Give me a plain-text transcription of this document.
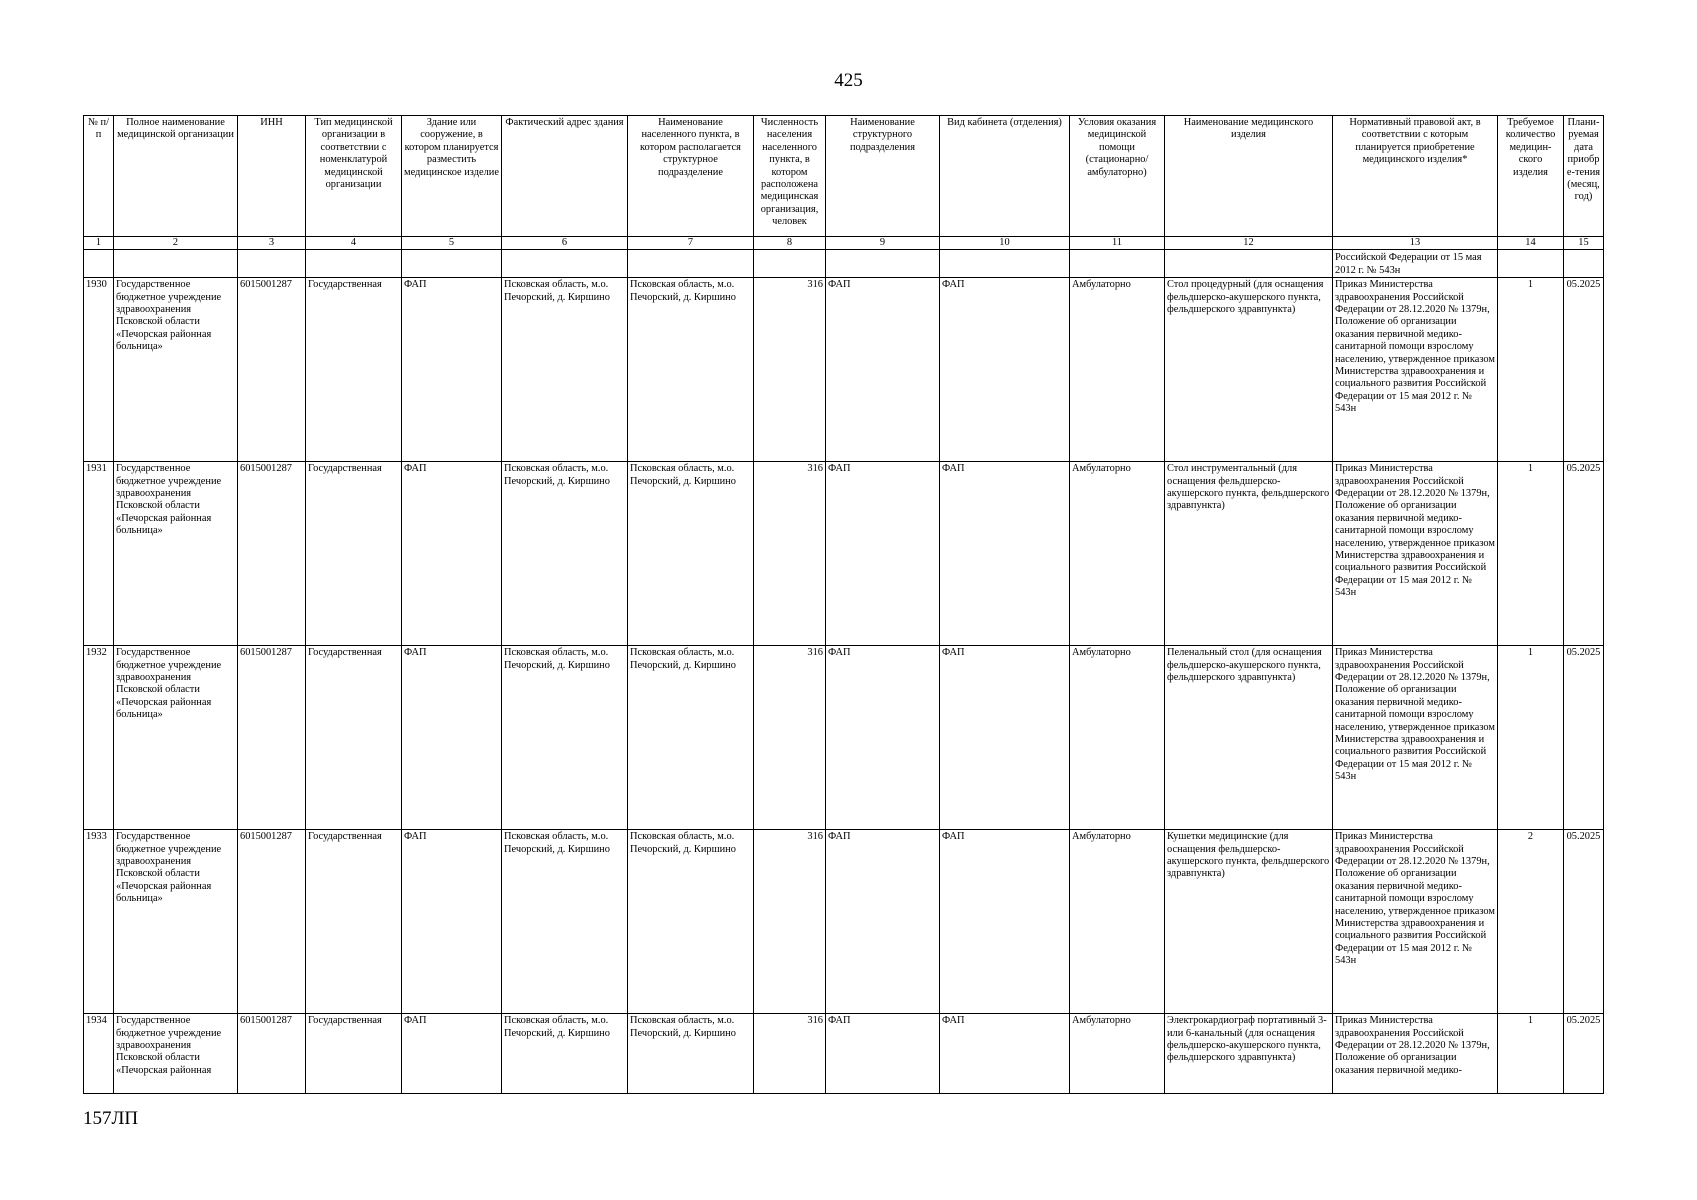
425
№ п/п	Полное наименование медицинской организации	ИНН	Тип медицинской организации в соответствии с номенклатурой медицинской организации	Здание или сооружение, в котором планируется разместить медицинское изделие	Фактический адрес здания	Наименование населенного пункта, в котором располагается структурное подразделение	Численность населения населенного пункта, в котором расположена медицинская организация, человек	Наименование структурного подразделения	Вид кабинета (отделения)	Условия оказания медицинской помощи (стационарно/ амбулаторно)	Наименование медицинского изделия	Нормативный правовой акт, в соответствии с которым планируется приобретение медицинского изделия*	Требуемое количество медицин-ского изделия	Плани-руемая дата приобре-тения (месяц, год)
1	2	3	4	5	6	7	8	9	10	11	12	13	14	15

												Российской Федерации от 15 мая 2012 г. № 543н		

1930	Государственное бюджетное учреждение здравоохранения Псковской области «Печорская районная больница»	6015001287	Государственная	ФАП	Псковская область, м.о. Печорский, д. Киршино	Псковская область, м.о. Печорский, д. Киршино	316	ФАП	ФАП	Амбулаторно	Стол процедурный (для оснащения фельдшерско-акушерского пункта, фельдшерского здравпункта)	Приказ Министерства здравоохранения Российской Федерации от 28.12.2020 № 1379н, Положение об организации оказания первичной медико-санитарной помощи взрослому населению, утвержденное приказом Министерства здравоохранения и социального развития Российской Федерации от 15 мая 2012 г. № 543н	1	05.2025
1931	Государственное бюджетное учреждение здравоохранения Псковской области «Печорская районная больница»	6015001287	Государственная	ФАП	Псковская область, м.о. Печорский, д. Киршино	Псковская область, м.о. Печорский, д. Киршино	316	ФАП	ФАП	Амбулаторно	Стол инструментальный (для оснащения фельдшерско-акушерского пункта, фельдшерского здравпункта)	Приказ Министерства здравоохранения Российской Федерации от 28.12.2020 № 1379н, Положение об организации оказания первичной медико-санитарной помощи взрослому населению, утвержденное приказом Министерства здравоохранения и социального развития Российской Федерации от 15 мая 2012 г. № 543н	1	05.2025
1932	Государственное бюджетное учреждение здравоохранения Псковской области «Печорская районная больница»	6015001287	Государственная	ФАП	Псковская область, м.о. Печорский, д. Киршино	Псковская область, м.о. Печорский, д. Киршино	316	ФАП	ФАП	Амбулаторно	Пеленальный стол (для оснащения фельдшерско-акушерского пункта, фельдшерского здравпункта)	Приказ Министерства здравоохранения Российской Федерации от 28.12.2020 № 1379н, Положение об организации оказания первичной медико-санитарной помощи взрослому населению, утвержденное приказом Министерства здравоохранения и социального развития Российской Федерации от 15 мая 2012 г. № 543н	1	05.2025
1933	Государственное бюджетное учреждение здравоохранения Псковской области «Печорская районная больница»	6015001287	Государственная	ФАП	Псковская область, м.о. Печорский, д. Киршино	Псковская область, м.о. Печорский, д. Киршино	316	ФАП	ФАП	Амбулаторно	Кушетки медицинские (для оснащения фельдшерско-акушерского пункта, фельдшерского здравпункта)	Приказ Министерства здравоохранения Российской Федерации от 28.12.2020 № 1379н, Положение об организации оказания первичной медико-санитарной помощи взрослому населению, утвержденное приказом Министерства здравоохранения и социального развития Российской Федерации от 15 мая 2012 г. № 543н	2	05.2025
1934	Государственное бюджетное учреждение здравоохранения Псковской области «Печорская районная	6015001287	Государственная	ФАП	Псковская область, м.о. Печорский, д. Киршино	Псковская область, м.о. Печорский, д. Киршино	316	ФАП	ФАП	Амбулаторно	Электрокардиограф портативный 3- или 6-канальный (для оснащения фельдшерско-акушерского пункта, фельдшерского здравпункта)	Приказ Министерства здравоохранения Российской Федерации от 28.12.2020 № 1379н, Положение об организации оказания первичной медико-	1	05.2025
157ЛП
